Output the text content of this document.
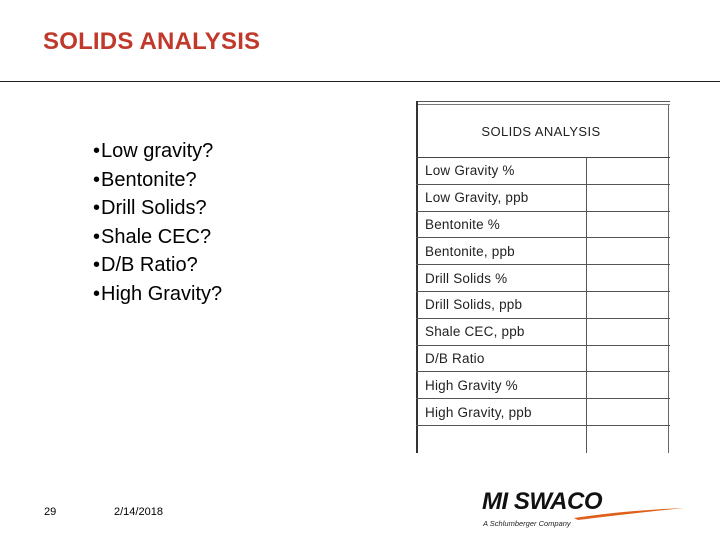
SOLIDS ANALYSIS
• Low gravity?
• Bentonite?
• Drill Solids?
• Shale CEC?
• D/B Ratio?
• High Gravity?
SOLIDS ANALYSIS
Low Gravity %
Low Gravity, ppb
Bentonite %
Bentonite, ppb
Drill Solids %
Drill Solids, ppb
Shale CEC, ppb
D/B Ratio
High Gravity %
High Gravity, ppb
29	2/14/2018	MI SWACO
A Schlumberger Company
